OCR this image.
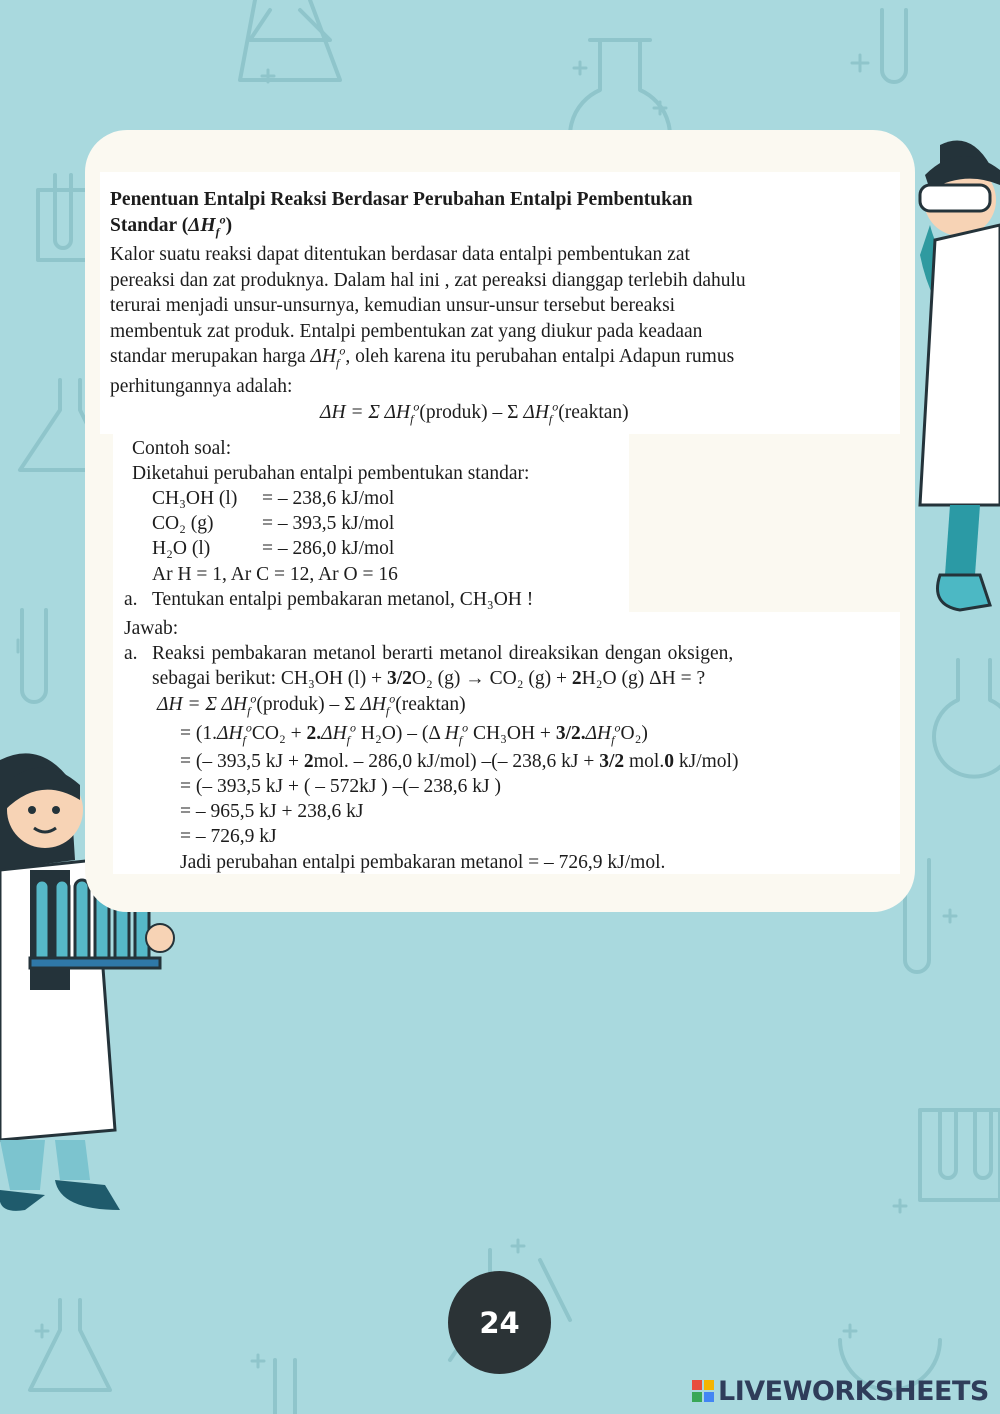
Penentuan Entalpi Reaksi Berdasar Perubahan Entalpi Pembentukan
Standar $(\Delta H_f^o)$
Kalor suatu reaksi dapat ditentukan berdasar data entalpi pembentukan zat
pereaksi dan zat produknya. Dalam hal ini , zat pereaksi dianggap terlebih dahulu
terurai menjadi unsur-unsurnya, kemudian unsur-unsur tersebut bereaksi
membentuk zat produk. Entalpi pembentukan zat yang diukur pada keadaan
standar merupakan harga $\Delta H_f^o$, oleh karena itu perubahan entalpi Adapun rumus
perhitungannya adalah:
ΔH = Σ $\Delta H_f^o(produk)$ – Σ $\Delta H_f^o(reaktan)$
Contoh soal:
Diketahui perubahan entalpi pembentukan standar:
CH₃OH (l) = – 238,6 kJ/mol
CO₂ (g) = – 393,5 kJ/mol
H₂O (l)	= – 286,0 kJ/mol
Ar H = 1, Ar C = 12, Ar O = 16
a. Tentukan entalpi pembakaran metanol, CH₃OH !
Jawab:
a. Reaksi pembakaran metanol berarti metanol direaksikan dengan oksigen,
sebagai berikut: CH₃OH (l) + 3/2O₂ (g) → CO₂ (g) + 2H₂O (g) ΔH = ?
ΔH = Σ $\Delta H_f^o(produk)$ – Σ $\Delta H_f^o(reaktan)$
= ($1.\Delta H_f^oCO_2 + 2.\Delta H_f^o$ H₂O) – (Δ $H_f^o$ $CH_3OH + 3/2.\Delta H_f^oO_2$)
= (– 393,5 kJ + 2mol. – 286,0 kJ/mol) –(– 238,6 kJ + 3/2 mol.0 kJ/mol)
= (– 393,5 kJ + ( – 572kJ ) –(– 238,6 kJ )
= – 965,5 kJ + 238,6 kJ
= – 726,9 kJ
Jadi perubahan entalpi pembakaran metanol = – 726,9 kJ/mol.
24
LIVEWORKSHEETS
